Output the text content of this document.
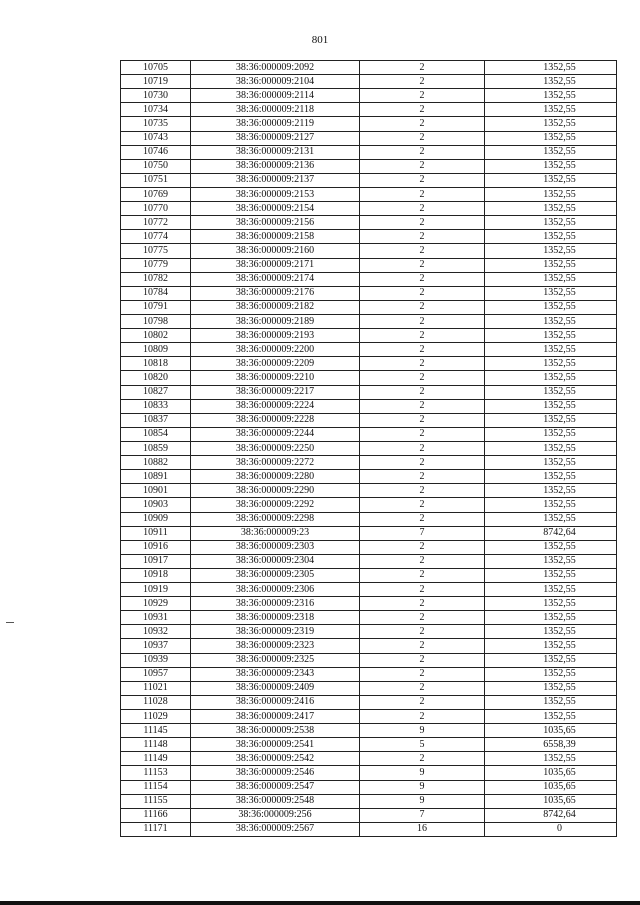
801
10705	38:36:000009:2092	2	1352,55
10719	38:36:000009:2104	2	1352,55
10730	38:36:000009:2114	2	1352,55
10734	38:36:000009:2118	2	1352,55
10735	38:36:000009:2119	2	1352,55
10743	38:36:000009:2127	2	1352,55
10746	38:36:000009:2131	2	1352,55
10750	38:36:000009:2136	2	1352,55
10751	38:36:000009:2137	2	1352,55
10769	38:36:000009:2153	2	1352,55
10770	38:36:000009:2154	2	1352,55
10772	38:36:000009:2156	2	1352,55
10774	38:36:000009:2158	2	1352,55
10775	38:36:000009:2160	2	1352,55
10779	38:36:000009:2171	2	1352,55
10782	38:36:000009:2174	2	1352,55
10784	38:36:000009:2176	2	1352,55
10791	38:36:000009:2182	2	1352,55
10798	38:36:000009:2189	2	1352,55
10802	38:36:000009:2193	2	1352,55
10809	38:36:000009:2200	2	1352,55
10818	38:36:000009:2209	2	1352,55
10820	38:36:000009:2210	2	1352,55
10827	38:36:000009:2217	2	1352,55
10833	38:36:000009:2224	2	1352,55
10837	38:36:000009:2228	2	1352,55
10854	38:36:000009:2244	2	1352,55
10859	38:36:000009:2250	2	1352,55
10882	38:36:000009:2272	2	1352,55
10891	38:36:000009:2280	2	1352,55
10901	38:36:000009:2290	2	1352,55
10903	38:36:000009:2292	2	1352,55
10909	38:36:000009:2298	2	1352,55
10911	38:36:000009:23	7	8742,64
10916	38:36:000009:2303	2	1352,55
10917	38:36:000009:2304	2	1352,55
10918	38:36:000009:2305	2	1352,55
10919	38:36:000009:2306	2	1352,55
10929	38:36:000009:2316	2	1352,55
10931	38:36:000009:2318	2	1352,55
10932	38:36:000009:2319	2	1352,55
10937	38:36:000009:2323	2	1352,55
10939	38:36:000009:2325	2	1352,55
10957	38:36:000009:2343	2	1352,55
11021	38:36:000009:2409	2	1352,55
11028	38:36:000009:2416	2	1352,55
11029	38:36:000009:2417	2	1352,55
11145	38:36:000009:2538	9	1035,65
11148	38:36:000009:2541	5	6558,39
11149	38:36:000009:2542	2	1352,55
11153	38:36:000009:2546	9	1035,65
11154	38:36:000009:2547	9	1035,65
11155	38:36:000009:2548	9	1035,65
11166	38:36:000009:256	7	8742,64
11171	38:36:000009:2567	16	0
